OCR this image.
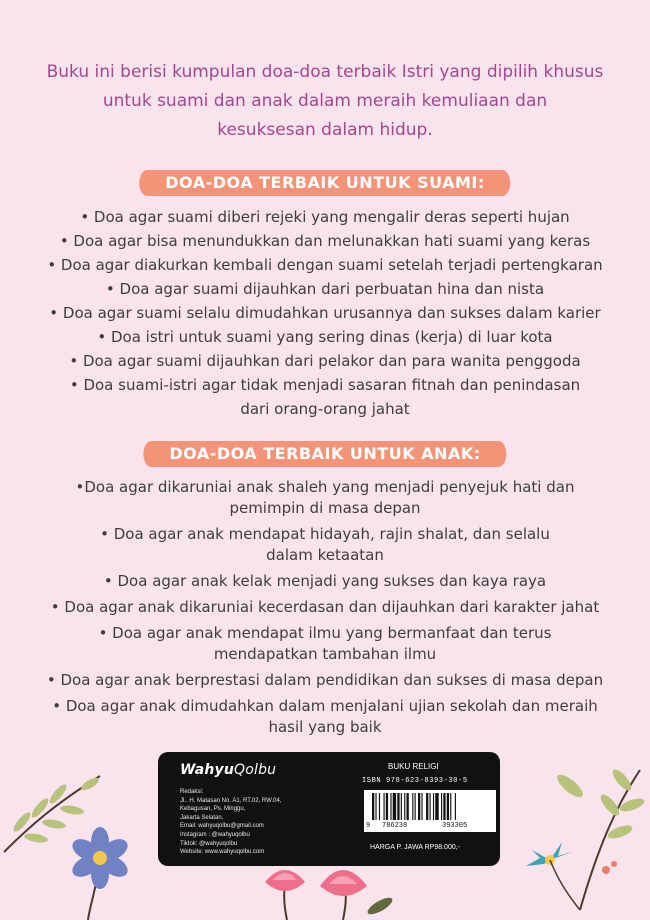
Buku ini berisi kumpulan doa-doa terbaik Istri yang dipilih khusus
untuk suami dan anak dalam meraih kemuliaan dan
kesuksesan dalam hidup.
DOA-DOA TERBAIK UNTUK SUAMI:
• Doa agar suami diberi rejeki yang mengalir deras seperti hujan
• Doa agar bisa menundukkan dan melunakkan hati suami yang keras
• Doa agar diakurkan kembali dengan suami setelah terjadi pertengkaran
• Doa agar suami dijauhkan dari perbuatan hina dan nista
• Doa agar suami selalu dimudahkan urusannya dan sukses dalam karier
• Doa istri untuk suami yang sering dinas (kerja) di luar kota
• Doa agar suami dijauhkan dari pelakor dan para wanita penggoda
• Doa suami-istri agar tidak menjadi sasaran fitnah dan penindasan
dari orang-orang jahat
DOA-DOA TERBAIK UNTUK ANAK:
•Doa agar dikaruniai anak shaleh yang menjadi penyejuk hati dan
pemimpin di masa depan
• Doa agar anak mendapat hidayah, rajin shalat, dan selalu
dalam ketaatan
• Doa agar anak kelak menjadi yang sukses dan kaya raya
• Doa agar anak dikaruniai kecerdasan dan dijauhkan dari karakter jahat
• Doa agar anak mendapat ilmu yang bermanfaat dan terus
mendapatkan tambahan ilmu
• Doa agar anak berprestasi dalam pendidikan dan sukses di masa depan
• Doa agar anak dimudahkan dalam menjalani ujian sekolah dan meraih
hasil yang baik
WahyuQolbu
Redaksi:
Jl.. H. Matasan No. A1, RT.02, RW.04,
Kebagusan, Ps. Minggu,
Jakarta Selatan.
Email: wahyuqolbu@gmail.com
Instagram : @wahyuqolbu
Tiktok: @wahyuqolbu
Website: www.wahyuqolbu.com
BUKU RELIGI
ISBN 978-623-8393-30-5
9 786238	393305
HARGA P. JAWA RP98.000,-
